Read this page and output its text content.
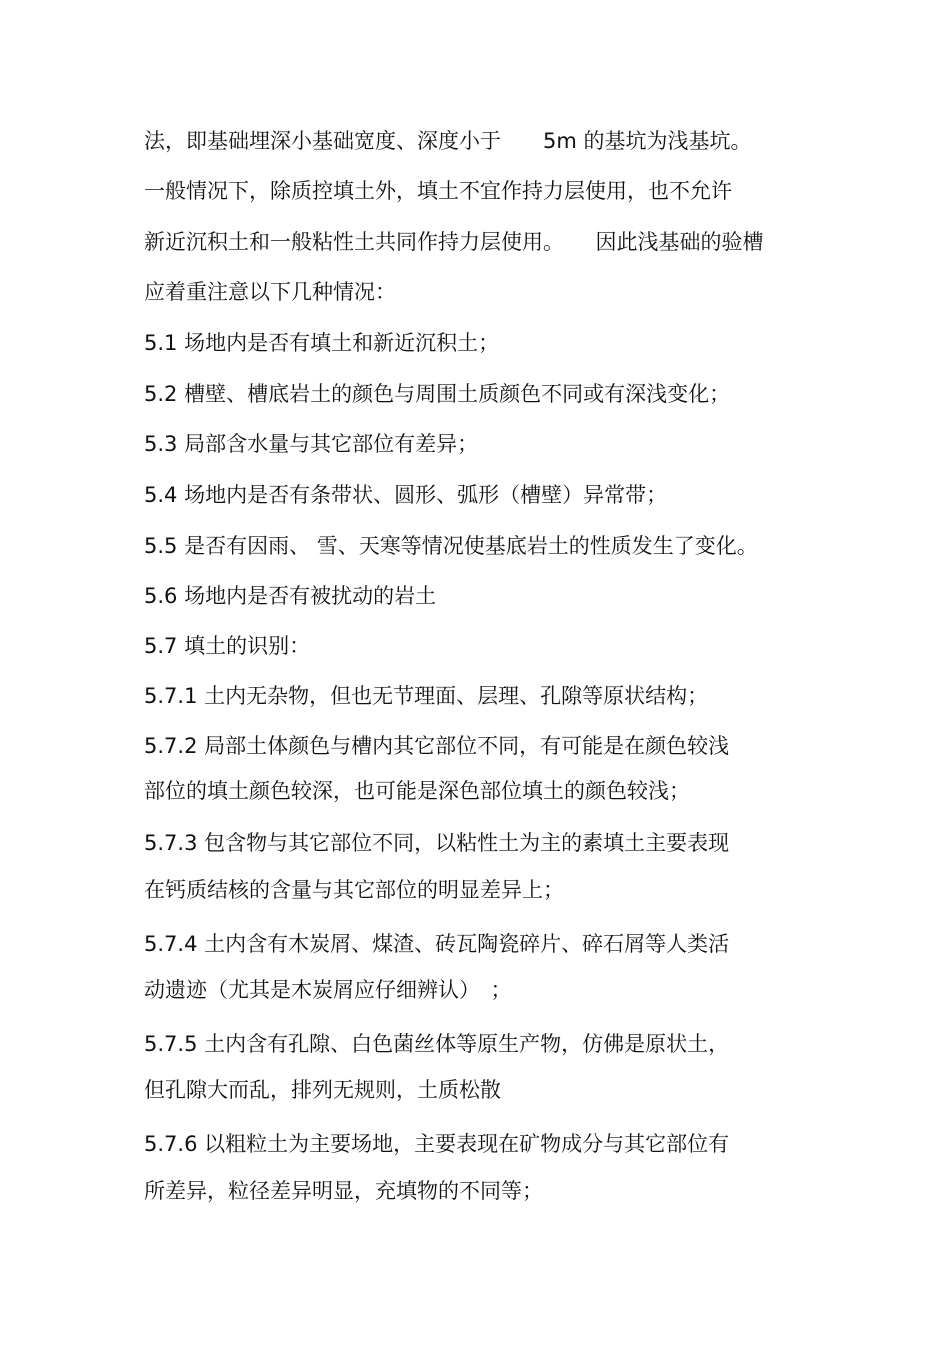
法，即基础埋深小基础宽度、深度小于　　5m 的基坑为浅基坑。
一般情况下，除质控填土外，填土不宜作持力层使用，也不允许
新近沉积土和一般粘性土共同作持力层使用。　　因此浅基础的验槽
应着重注意以下几种情况：
5.1 场地内是否有填土和新近沉积土；
5.2 槽壁、槽底岩土的颜色与周围土质颜色不同或有深浅变化；
5.3 局部含水量与其它部位有差异；
5.4 场地内是否有条带状、圆形、弧形（槽壁）异常带；
5.5 是否有因雨、 雪、天寒等情况使基底岩土的性质发生了变化。
5.6 场地内是否有被扰动的岩土
5.7 填土的识别：
5.7.1 土内无杂物，但也无节理面、层理、孔隙等原状结构；
5.7.2 局部土体颜色与槽内其它部位不同，有可能是在颜色较浅
部位的填土颜色较深，也可能是深色部位填土的颜色较浅；
5.7.3 包含物与其它部位不同，以粘性土为主的素填土主要表现
在钙质结核的含量与其它部位的明显差异上；
5.7.4 土内含有木炭屑、煤渣、砖瓦陶瓷碎片、碎石屑等人类活
动遗迹（尤其是木炭屑应仔细辨认）　；
5.7.5 土内含有孔隙、白色菌丝体等原生产物，仿佛是原状土，
但孔隙大而乱，排列无规则，土质松散
5.7.6 以粗粒土为主要场地，主要表现在矿物成分与其它部位有
所差异，粒径差异明显，充填物的不同等；
